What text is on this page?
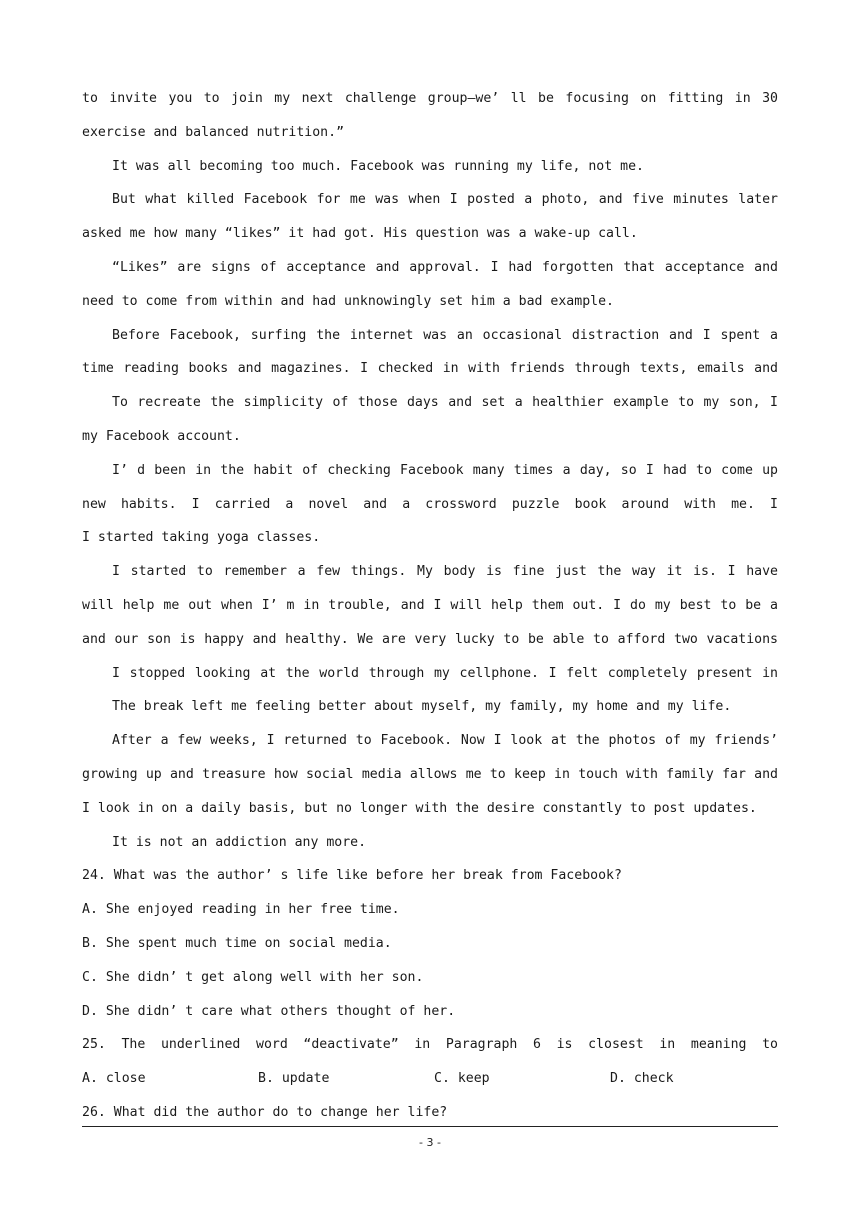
to invite you to join my next challenge group—we’ ll be focusing on fitting in 30
exercise and balanced nutrition.”
It was all becoming too much. Facebook was running my life, not me.
But what killed Facebook for me was when I posted a photo, and five minutes later
asked me how many “likes” it had got. His question was a wake-up call.
“Likes” are signs of acceptance and approval. I had forgotten that acceptance and
need to come from within and had unknowingly set him a bad example.
Before Facebook, surfing the internet was an occasional distraction and I spent a
time reading books and magazines. I checked in with friends through texts, emails and
To recreate the simplicity of those days and set a healthier example to my son, I
my Facebook account.
I’ d been in the habit of checking Facebook many times a day, so I had to come up
new habits. I carried a novel and a crossword puzzle book around with me. I
I started taking yoga classes.
I started to remember a few things. My body is fine just the way it is. I have
will help me out when I’ m in trouble, and I will help them out. I do my best to be a
and our son is happy and healthy. We are very lucky to be able to afford two vacations
I stopped looking at the world through my cellphone. I felt completely present in
The break left me feeling better about myself, my family, my home and my life.
After a few weeks, I returned to Facebook. Now I look at the photos of my friends’
growing up and treasure how social media allows me to keep in touch with family far and
I look in on a daily basis, but no longer with the desire constantly to post updates.
It is not an addiction any more.
24. What was the author’ s life like before her break from Facebook?
A. She enjoyed reading in her free time.
B. She spent much time on social media.
C. She didn’ t get along well with her son.
D. She didn’ t care what others thought of her.
25. The underlined word “deactivate” in Paragraph 6 is closest in meaning to
A. close	B. update	C. keep	D. check
26. What did the author do to change her life?
- 3 -
